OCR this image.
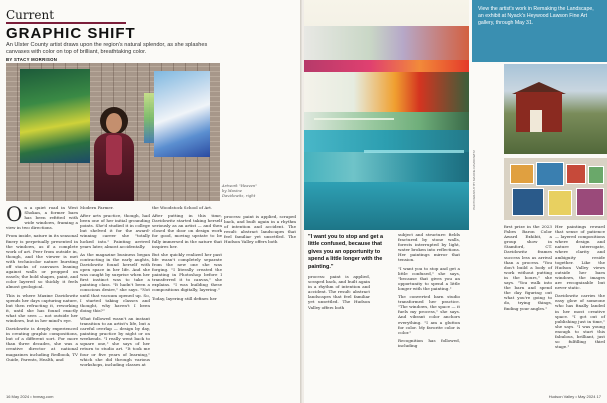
Current
GRAPHIC SHIFT
An Ulster County artist draws upon the region's natural splendor, as she splashes canvases with color on top of brilliant, breathtaking color.
BY STACY MORRISON
Artwork "Heaven" by Maxine Davidowitz, right

On a quiet road in West Shokan, a former barn has been refitted with wide windows, framing a view in two directions.

From inside, nature in its seasonal finery is perpetually presented in the windows, as if a complete work of art. Peer from outside in, though, and the viewer is met with technicolor nature bursting off stacks of canvases leaning against walls or propped on easels; the bold shapes, paint, and color layered so thickly it feels almost geological.

This is where Maxine Davidowitz spends her days capturing nature, but then refracting it, reworking it, until she has found exactly what she sees — not outside her windows, but in her mind's eye.

Davidowitz is deeply experienced in creating graphic compositions, but of a different sort. For more than three decades, she was a creative director at national magazines including Redbook, TV Guide, Parents, Health, and

Modern Farmer.

After arts practice, though, had been one of her initial grounding points. She'd studied it in college but shelved it for the award-winning career she "totally lucked into." Painting arrived years later, almost accidentally.

As the magazine business began contracting in the early aughts, Davidowitz found herself with open space in her life. And she was caught by surprise when her first instinct was to take a painting class. "It hadn't been a conscious desire," she says. "Not until that vacuum opened up. So, I started taking classes and thought, why haven't I been doing this?"

What followed wasn't an instant transition to an artist's life, but a careful overlap — design by day, painting practice by night or on weekends. "I really went back to square one," she says of her return to studio art. "It took me four or five years of learning," which she did through various workshops, including classes at

the Woodstock School of Art.

After putting in this time, Davidowitz started taking herself seriously as an artist — and then closed the door on design work for good, moving upstate to be fully immersed in the nature that inspires her.

But she quickly realized her past life wasn't completely separate from the new one she was forging. "I literally created the painting in Photoshop before I transferred it to canvas," she explains. "I was building these compositions digitally, layering."

Today, layering still defines her

process: paint is applied, scraped back, and built again in a rhythm of intention and accident. The result: abstract landscapes that feel familiar yet unsettled. The Hudson Valley offers both

16 May 2024 • hvmag.com
PHOTOGRAPHY BY MAXINE DAVIDOWITZ
View the artist's work in Remaking the Landscape, an exhibit at Nyack's Heywood Lawson Fine Art gallery, through May 31.
"I want you to stop and get a little confused, because that gives you an opportunity to spend a little longer with the painting."

process: paint is applied, scraped back, and built again in a rhythm of intention and accident. The result: abstract landscapes that feel familiar yet unsettled. The Hudson Valley offers both

subject and structure: fields fractured by stone walls, forests interrupted by light, water broken into reflections. Her paintings mirror that tension.

"I want you to stop and get a little confused," she says, "because that gives you an opportunity to spend a little longer with the painting."

The converted barn studio transformed her practice. "The windows, the space — it fuels my process," she says. And vibrant color anchors everything. "I am a glutton for color. My favorite color is color."

Recognition has followed, including

first prize in the 2023 Fabes Baron Color Award Exhibit, a group show in Stamford, CT. Davidowitz frames success less as arrival than a process. "You don't build a body of work without putting in the hours," she says. "You walk into the barn and spend the day figuring out what you're going to do, trying things, finding your angles."

Her paintings reward that sense of patience — layered compositions where design and nature interrogate, where clarity and ambiguity reside together. Like the Hudson Valley views outside her barn windows, the images are recognizable but never static.

Davidowitz carries the easy glow of someone who has finally landed in her most creative space. "I got out of publishing just in time," she says. "I was young enough to start this fabulous, brilliant, just so fulfilling third stage."

Hudson Valley • May 2024 17
